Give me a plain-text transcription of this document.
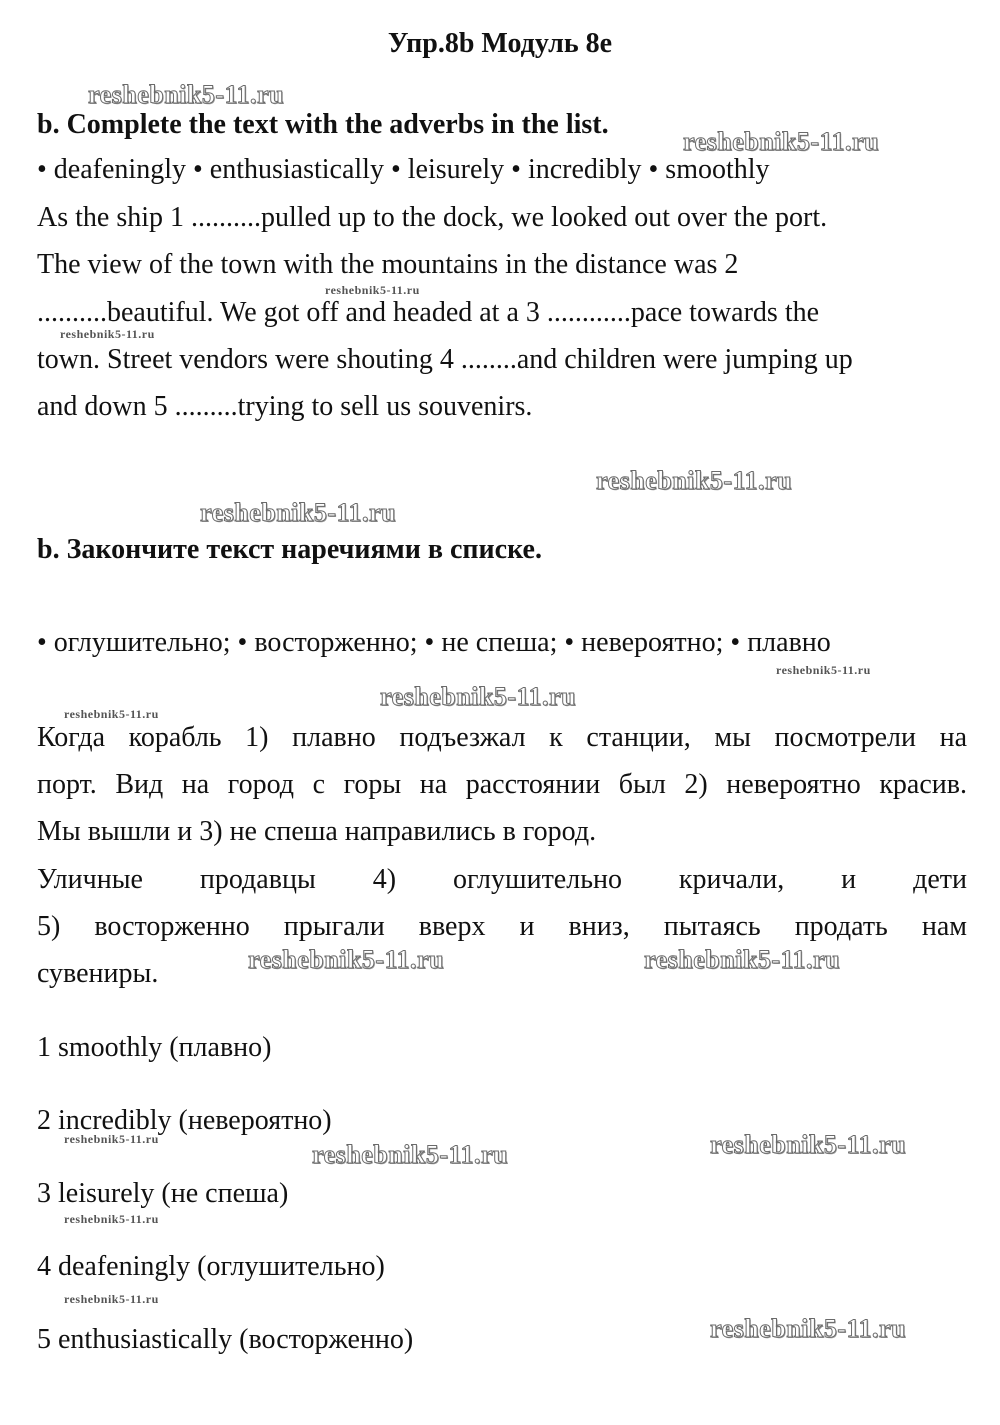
Упр.8b Модуль 8e
b. Complete the text with the adverbs in the list.
• deafeningly • enthusiastically • leisurely • incredibly • smoothly
As the ship 1 ..........pulled up to the dock, we looked out over the port.
The view of the town with the mountains in the distance was 2
..........beautiful. We got off and headed at a 3 ............pace towards the
town. Street vendors were shouting 4 ........and children were jumping up
and down 5 .........trying to sell us souvenirs.
b. Закончите текст наречиями в списке.
• оглушительно; • восторженно; • не спеша; • невероятно; • плавно
Когда корабль 1) плавно подъезжал к станции, мы посмотрели на
порт. Вид на город с горы на расстоянии был 2) невероятно красив.
Мы вышли и 3) не спеша направились в город.
Уличные продавцы 4) оглушительно кричали, и дети
5) восторженно прыгали вверх и вниз, пытаясь продать нам
сувениры.
1 smoothly (плавно)
2 incredibly (невероятно)
3 leisurely (не спеша)
4 deafeningly (оглушительно)
5 enthusiastically (восторженно)
reshebnik5-11.ru
reshebnik5-11.ru
reshebnik5-11.ru
reshebnik5-11.ru
reshebnik5-11.ru
reshebnik5-11.ru
reshebnik5-11.ru
reshebnik5-11.ru
reshebnik5-11.ru
reshebnik5-11.ru	reshebnik5-11.ru
reshebnik5-11.ru	reshebnik5-11.ru
reshebnik5-11.ru
reshebnik5-11.ru
reshebnik5-11.ru
reshebnik5-11.ru
